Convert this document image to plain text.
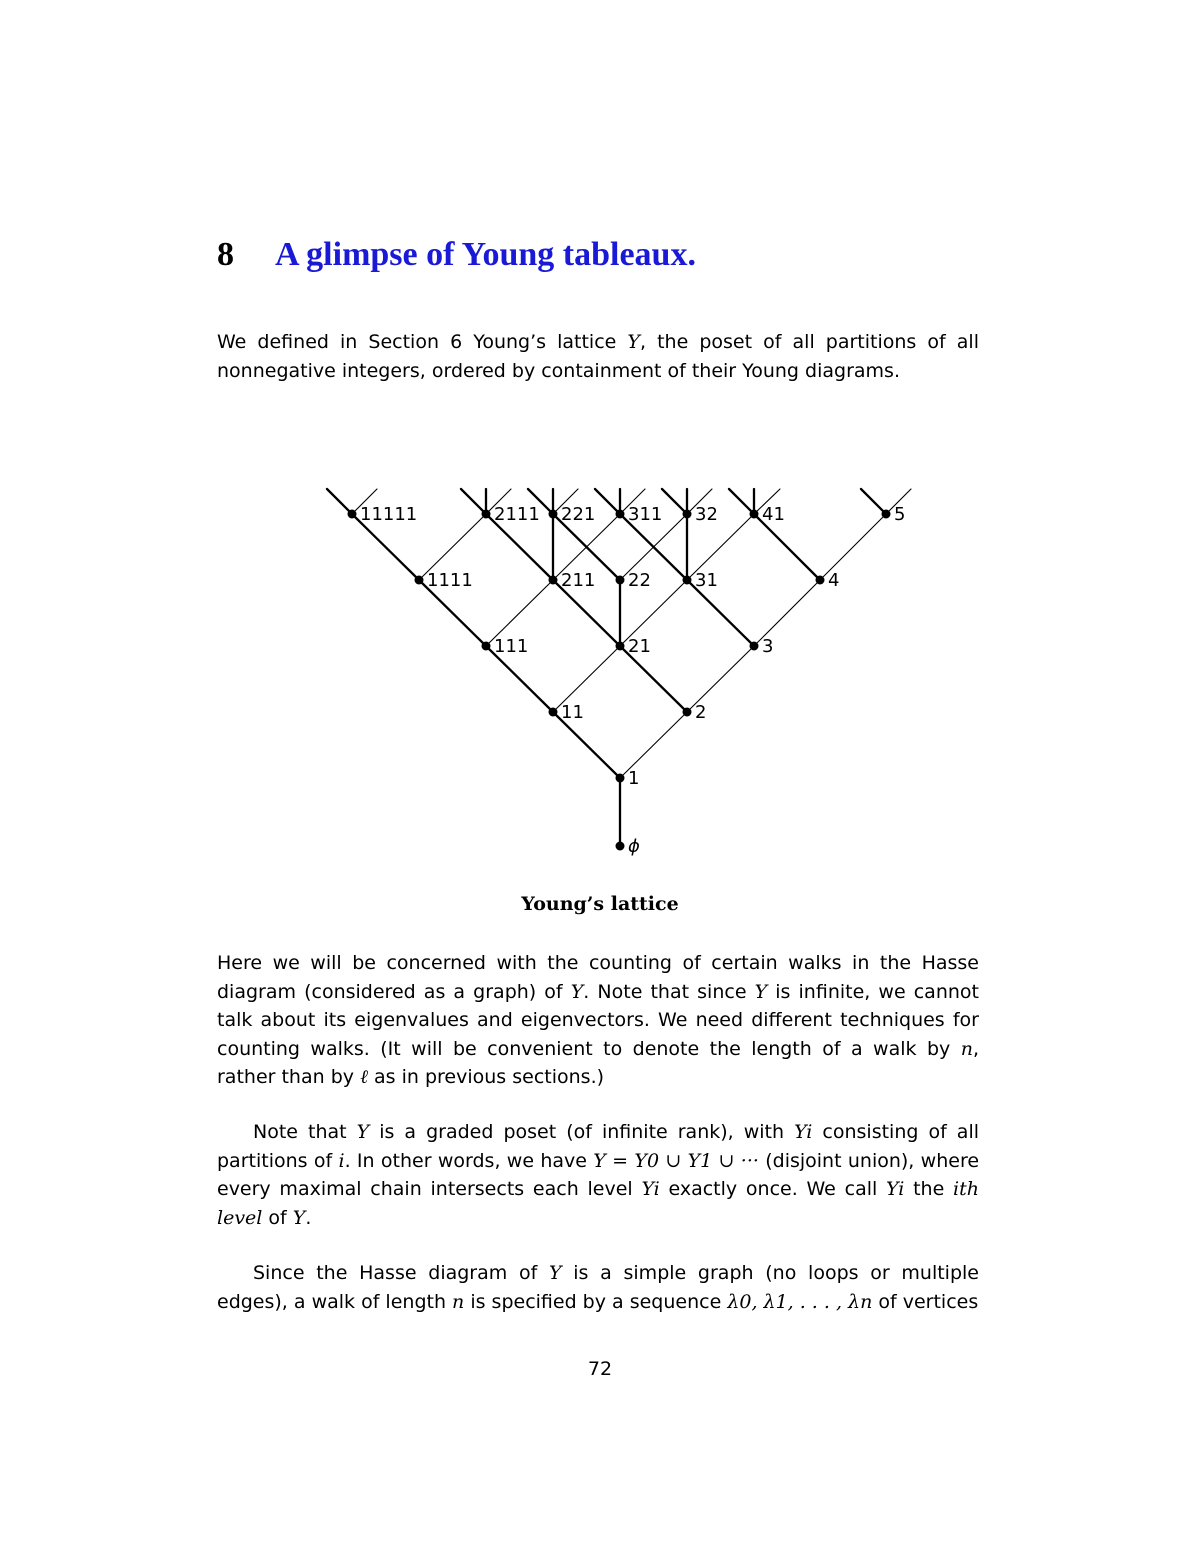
8 A glimpse of Young tableaux.

We defined in Section 6 Young’s lattice Y, the poset of all partitions of all nonnegative integers, ordered by containment of their Young diagrams.

11111	2111 221 311 32 41	5
1111	211 22 31	4
111	21	3
11	2
1
ϕ
Young’s lattice

Here we will be concerned with the counting of certain walks in the Hasse diagram (considered as a graph) of Y. Note that since Y is infinite, we cannot talk about its eigenvalues and eigenvectors. We need different techniques for counting walks. (It will be convenient to denote the length of a walk by n, rather than by ℓ as in previous sections.)

Note that Y is a graded poset (of infinite rank), with Yi consisting of all partitions of i. In other words, we have Y = Y0 ∪ Y1 ∪ ··· (disjoint union), where every maximal chain intersects each level Yi exactly once. We call Yi the ith level of Y.

Since the Hasse diagram of Y is a simple graph (no loops or multiple edges), a walk of length n is specified by a sequence λ0, λ1, . . . , λn of vertices

72
